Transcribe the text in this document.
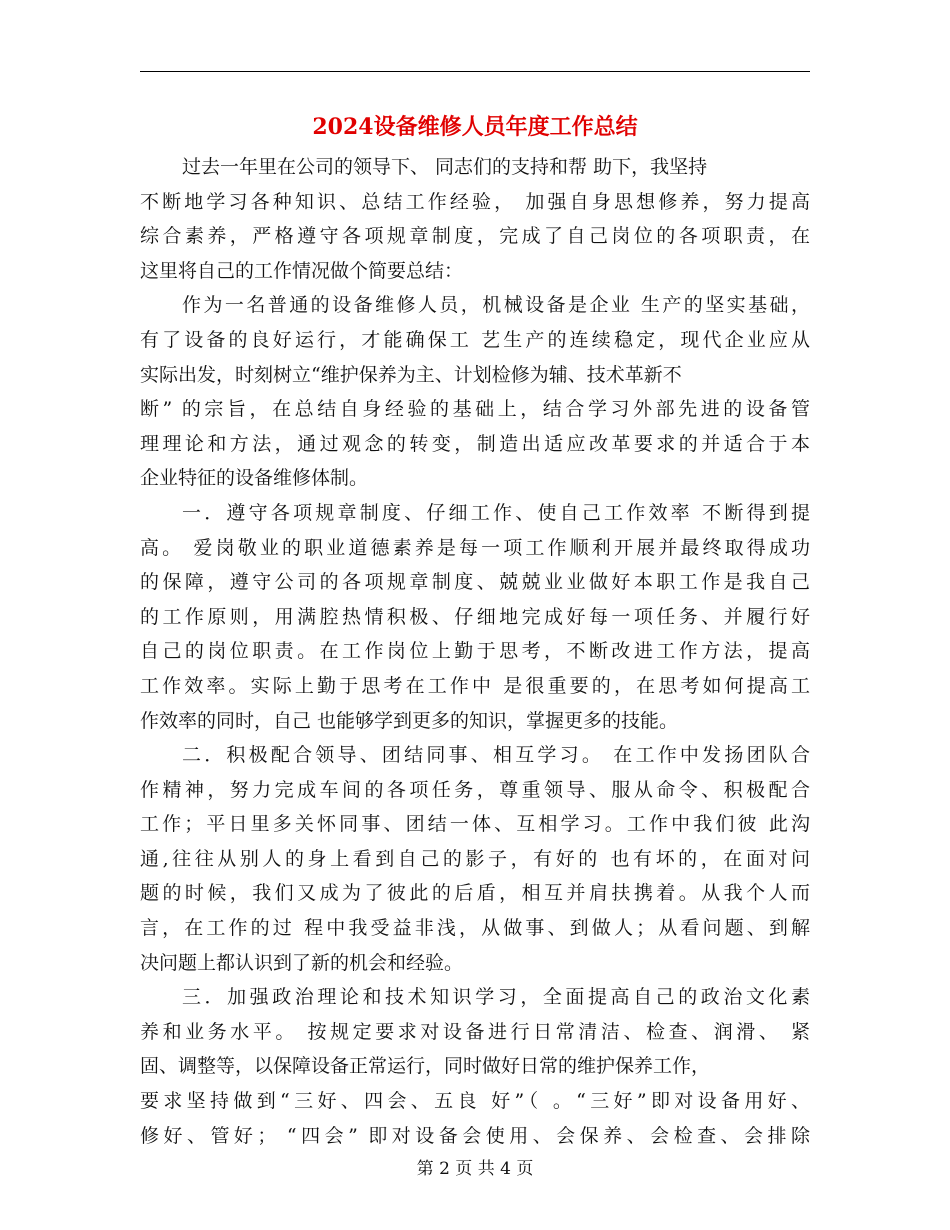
2024设备维修人员年度工作总结
过去一年里在公司的领导下、 同志们的支持和帮 助下，我坚持
不断地学习各种知识、总结工作经验， 加强自身思想修养，努力提高
综合素养，严格遵守各项规章制度，完成了自己岗位的各项职责，在
这里将自己的工作情况做个简要总结：
作为一名普通的设备维修人员，机械设备是企业 生产的坚实基础，
有了设备的良好运行，才能确保工 艺生产的连续稳定，现代企业应从
实际出发，时刻树立“维护保养为主、计划检修为辅、技术革新不
断” 的宗旨，在总结自身经验的基础上，结合学习外部先进的设备管
理理论和方法，通过观念的转变，制造出适应改革要求的并适合于本
企业特征的设备维修体制。
一．遵守各项规章制度、仔细工作、使自己工作效率 不断得到提
高。 爱岗敬业的职业道德素养是每一项工作顺利开展并最终取得成功
的保障，遵守公司的各项规章制度、兢兢业业做好本职工作是我自己
的工作原则，用满腔热情积极、仔细地完成好每一项任务、并履行好
自己的岗位职责。在工作岗位上勤于思考，不断改进工作方法，提高
工作效率。实际上勤于思考在工作中 是很重要的，在思考如何提高工
作效率的同时，自己 也能够学到更多的知识，掌握更多的技能。
二．积极配合领导、团结同事、相互学习。 在工作中发扬团队合
作精神，努力完成车间的各项任务，尊重领导、服从命令、积极配合
工作；平日里多关怀同事、团结一体、互相学习。工作中我们彼 此沟
通,往往从别人的身上看到自己的影子，有好的 也有坏的，在面对问
题的时候，我们又成为了彼此的后盾，相互并肩扶携着。从我个人而
言，在工作的过 程中我受益非浅，从做事、到做人；从看问题、到解
决问题上都认识到了新的机会和经验。
三．加强政治理论和技术知识学习，全面提高自己的政治文化素
养和业务水平。 按规定要求对设备进行日常清洁、检查、润滑、 紧
固、调整等，以保障设备正常运行，同时做好日常的维护保养工作，
要求坚持做到“三好、四会、五良 好”（ 。“三好”即对设备用好、
修好、管好； “四会” 即对设备会使用、会保养、会检查、会排除
第 2 页 共 4 页
